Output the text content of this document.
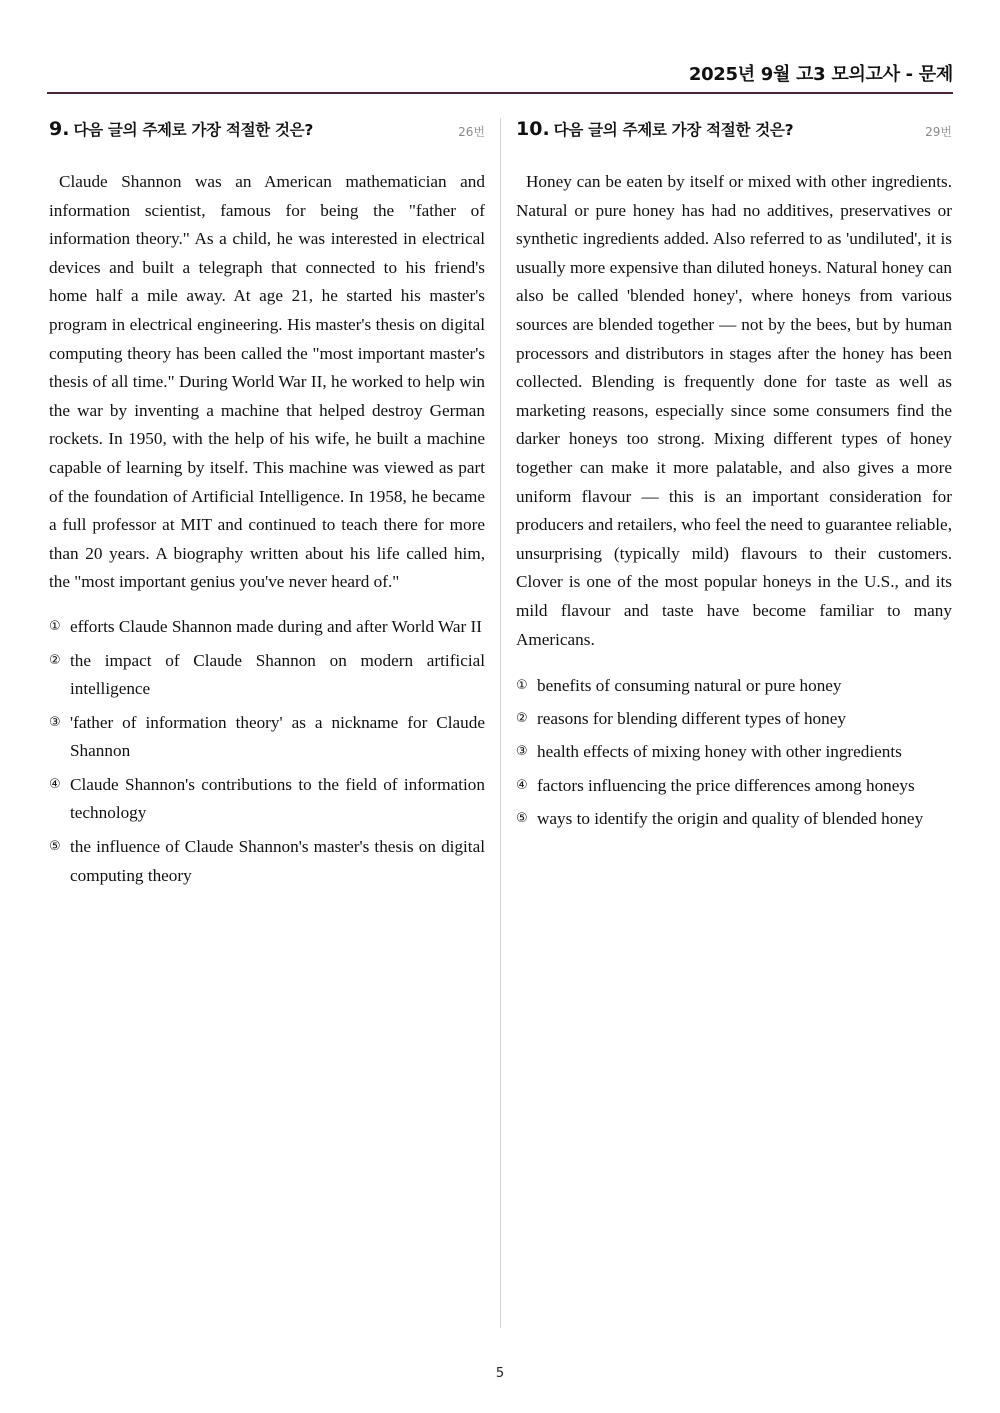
2025년 9월 고3 모의고사 - 문제
9. 다음 글의 주제로 가장 적절한 것은?	26번
Claude Shannon was an American mathematician and information scientist, famous for being the "father of information theory." As a child, he was interested in electrical devices and built a telegraph that connected to his friend's home half a mile away. At age 21, he started his master's program in electrical engineering. His master's thesis on digital computing theory has been called the "most important master's thesis of all time." During World War II, he worked to help win the war by inventing a machine that helped destroy German rockets. In 1950, with the help of his wife, he built a machine capable of learning by itself. This machine was viewed as part of the foundation of Artificial Intelligence. In 1958, he became a full professor at MIT and continued to teach there for more than 20 years. A biography written about his life called him, the "most important genius you've never heard of."
① efforts Claude Shannon made during and after World War II
② the impact of Claude Shannon on modern artificial intelligence
③ 'father of information theory' as a nickname for Claude Shannon
④ Claude Shannon's contributions to the field of information technology
⑤ the influence of Claude Shannon's master's thesis on digital computing theory
10. 다음 글의 주제로 가장 적절한 것은?	29번
Honey can be eaten by itself or mixed with other ingredients. Natural or pure honey has had no additives, preservatives or synthetic ingredients added. Also referred to as 'undiluted', it is usually more expensive than diluted honeys. Natural honey can also be called 'blended honey', where honeys from various sources are blended together — not by the bees, but by human processors and distributors in stages after the honey has been collected. Blending is frequently done for taste as well as marketing reasons, especially since some consumers find the darker honeys too strong. Mixing different types of honey together can make it more palatable, and also gives a more uniform flavour — this is an important consideration for producers and retailers, who feel the need to guarantee reliable, unsurprising (typically mild) flavours to their customers. Clover is one of the most popular honeys in the U.S., and its mild flavour and taste have become familiar to many Americans.
① benefits of consuming natural or pure honey
② reasons for blending different types of honey
③ health effects of mixing honey with other ingredients
④ factors influencing the price differences among honeys
⑤ ways to identify the origin and quality of blended honey
5
